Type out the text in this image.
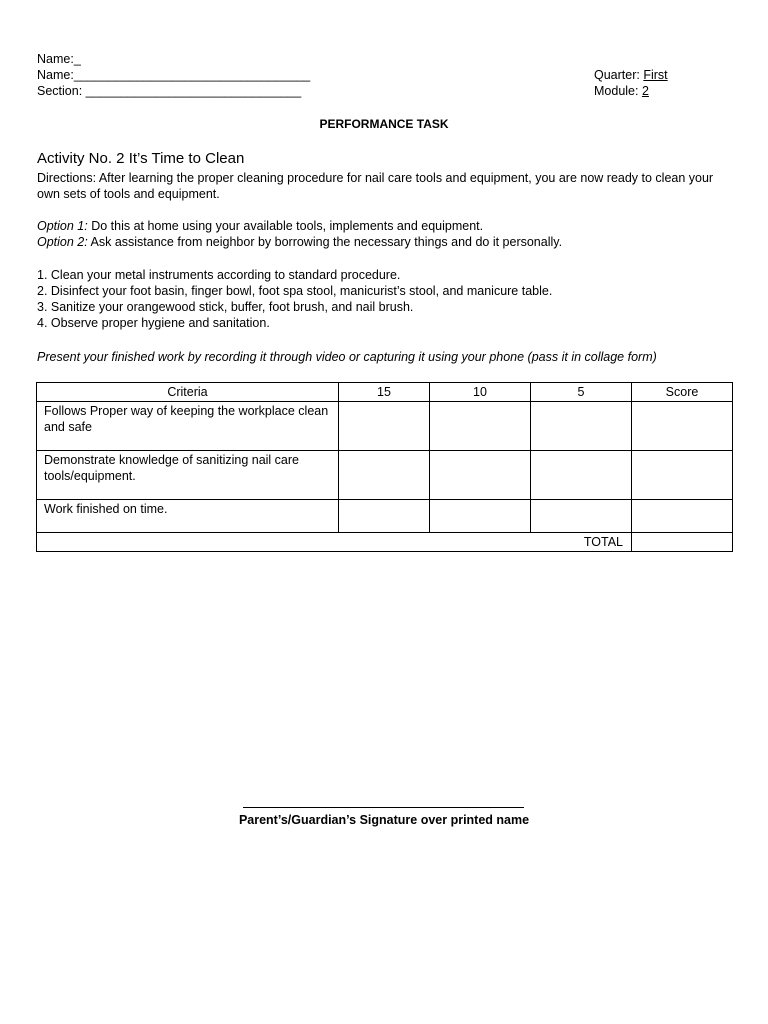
Name:_
Name:__________________________________
Section: _______________________________
Quarter: First
Module: 2
PERFORMANCE TASK
Activity No. 2 It’s Time to Clean
Directions: After learning the proper cleaning procedure for nail care tools and equipment, you are now ready to clean your own sets of tools and equipment.
Option 1: Do this at home using your available tools, implements and equipment.
Option 2: Ask assistance from neighbor by borrowing the necessary things and do it personally.
1. Clean your metal instruments according to standard procedure.
2. Disinfect your foot basin, finger bowl, foot spa stool, manicurist’s stool, and manicure table.
3. Sanitize your orangewood stick, buffer, foot brush, and nail brush.
4. Observe proper hygiene and sanitation.
Present your finished work by recording it through video or capturing it using your phone (pass it in collage form)
Criteria	15	10	5	Score
Follows Proper way of keeping the workplace clean and safe				
Demonstrate knowledge of sanitizing nail care tools/equipment.				
Work finished on time.				
TOTAL				
Parent’s/Guardian’s Signature over printed name
